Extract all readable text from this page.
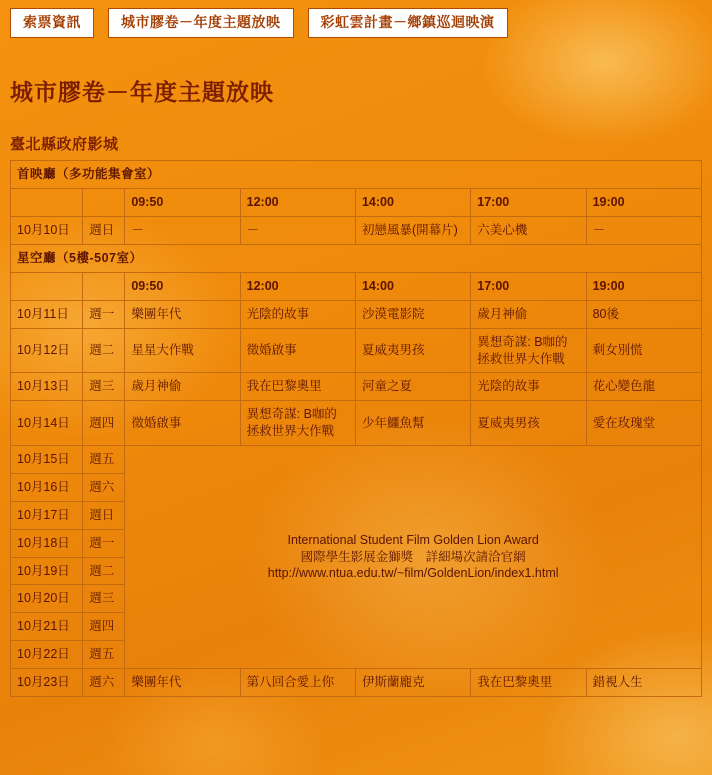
索票資訊	城市膠卷－年度主題放映	彩虹雲計畫－鄉鎮巡迴映演
城市膠卷－年度主題放映
臺北縣政府影城
首映廳（多功能集會室）						
		09:50	12:00	14:00	17:00	19:00
10月10日	週日	－	－	初戀風暴(開幕片)	六美心機	－
星空廳（5樓-507室）						
		09:50	12:00	14:00	17:00	19:00
10月11日	週一	樂團年代	光陰的故事	沙漠電影院	歲月神偷	80後
10月12日	週二	星星大作戰	徵婚啟事	夏威夷男孩	異想奇謀: B咖的拯救世界大作戰	剩女別慌
10月13日	週三	歲月神偷	我在巴黎奧里	河童之夏	光陰的故事	花心變色龍
10月14日	週四	徵婚啟事	異想奇謀: B咖的拯救世界大作戰	少年鱷魚幫	夏威夷男孩	愛在玫瑰堂
10月15日	週五	International Student Film Golden Lion Award
國際學生影展金獅獎　詳細場次請洽官網
http://www.ntua.edu.tw/~film/GoldenLion/index1.html				

10月16日	週六					
10月17日	週日					
10月18日	週一					
10月19日	週二					
10月20日	週三					
10月21日	週四					
10月22日	週五					
10月23日	週六	樂團年代	第八回合愛上你	伊斯蘭龐克	我在巴黎奧里	錯視人生
